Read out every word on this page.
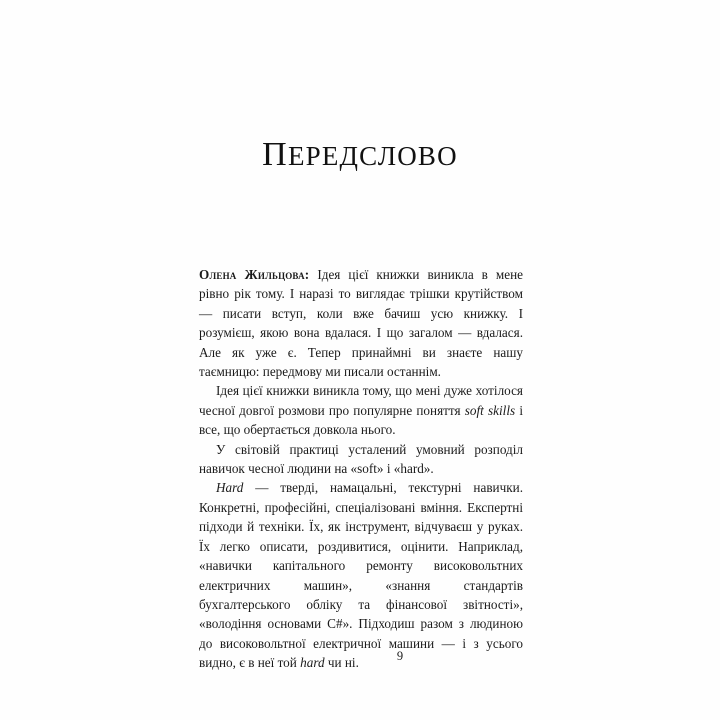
ПЕРЕДСЛОВО

Олена Жильцова: Ідея цієї книжки виникла в мене рівно рік тому. І наразі то виглядає трішки крутійством — писати вступ, коли вже бачиш усю книжку. І розумієш, якою вона вдалася. І що загалом — вдалася. Але як уже є. Тепер принаймні ви знаєте нашу таємницю: передмову ми писали останнім.

Ідея цієї книжки виникла тому, що мені дуже хотілося чесної довгої розмови про популярне поняття soft skills і все, що обертається довкола нього.

У світовій практиці усталений умовний розподіл навичок чесної людини на «soft» і «hard».

Hard — тверді, намацальні, текстурні навички. Конкретні, професійні, спеціалізовані вміння. Експертні підходи й техніки. Їх, як інструмент, відчуваєш у руках. Їх легко описати, роздивитися, оцінити. Наприклад, «навички капітального ремонту високовольтних електричних машин», «знання стандартів бухгалтерського обліку та фінансової звітності», «володіння основами C#». Підходиш разом з людиною до високовольтної електричної машини — і з усього видно, є в неї той hard чи ні.	9
